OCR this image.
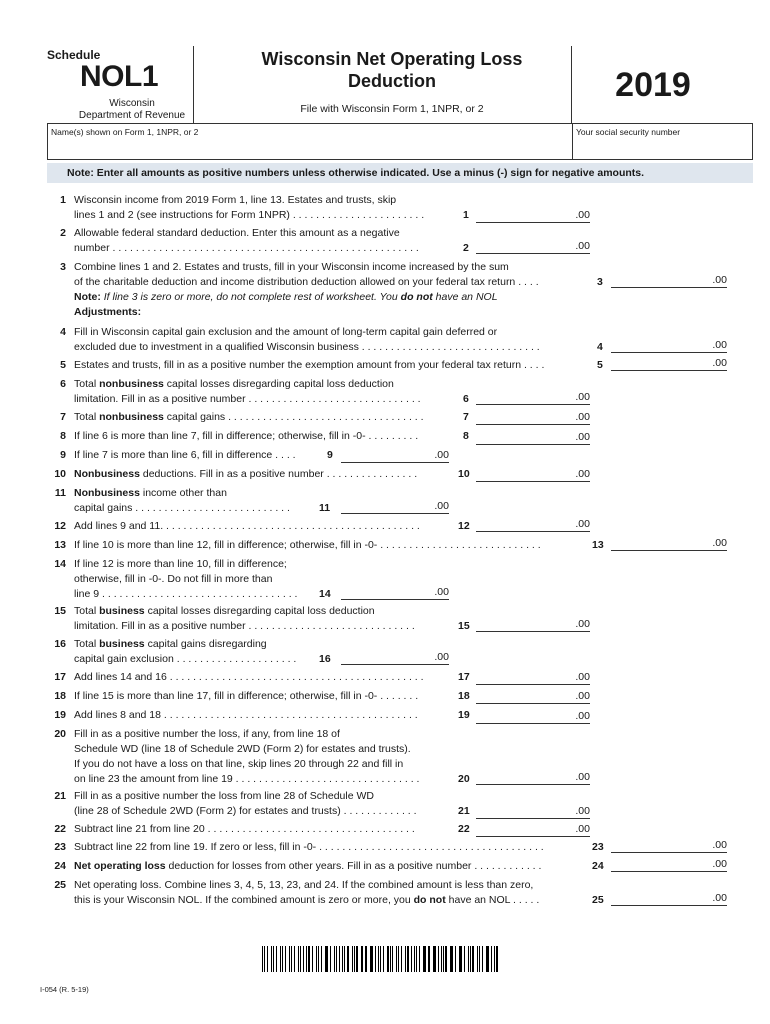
Schedule
NOL1
Wisconsin
Department of Revenue
Wisconsin Net Operating Loss
Deduction
File with Wisconsin Form 1, 1NPR, or 2
2019
Name(s) shown on Form 1, 1NPR, or 2	Your social security number
Note: Enter all amounts as positive numbers unless otherwise indicated. Use a minus (-) sign for negative amounts.
1 Wisconsin income from 2019 Form 1, line 13. Estates and trusts, skip
lines 1 and 2 (see instructions for Form 1NPR) . . . . . . . . . . . . . . . . . . . . . . .	1	.00
2 Allowable federal standard deduction. Enter this amount as a negative
number . . . . . . . . . . . . . . . . . . . . . . . . . . . . . . . . . . . . . . . . . . . . . . . . . . . . .	2	.00
3 Combine lines 1 and 2. Estates and trusts, fill in your Wisconsin income increased by the sum
of the charitable deduction and income distribution deduction allowed on your federal tax return . . . .	3	.00
Note: If line 3 is zero or more, do not complete rest of worksheet. You do not have an NOL
Adjustments:
4 Fill in Wisconsin capital gain exclusion and the amount of long-term capital gain deferred or
excluded due to investment in a qualified Wisconsin business . . . . . . . . . . . . . . . . . . . . . . . . . . . . . . .	4	.00
5 Estates and trusts, fill in as a positive number the exemption amount from your federal tax return . . . .	5	.00
6 Total nonbusiness capital losses disregarding capital loss deduction
limitation. Fill in as a positive number . . . . . . . . . . . . . . . . . . . . . . . . . . . . . .	6	.00
7 Total nonbusiness capital gains . . . . . . . . . . . . . . . . . . . . . . . . . . . . . . . . . .	7	.00
8 If line 6 is more than line 7, fill in difference; otherwise, fill in -0- . . . . . . . . .	8	.00
9 If line 7 is more than line 6, fill in difference . . . .	9	.00
10 Nonbusiness deductions. Fill in as a positive number . . . . . . . . . . . . . . . .	10	.00
11 Nonbusiness income other than
capital gains . . . . . . . . . . . . . . . . . . . . . . . . . . .	11	.00
12 Add lines 9 and 11. . . . . . . . . . . . . . . . . . . . . . . . . . . . . . . . . . . . . . . . . . . . .	12	.00
13 If line 10 is more than line 12, fill in difference; otherwise, fill in -0- . . . . . . . . . . . . . . . . . . . . . . . . . . . .	13	.00
14 If line 12 is more than line 10, fill in difference;
otherwise, fill in -0-. Do not fill in more than
line 9 . . . . . . . . . . . . . . . . . . . . . . . . . . . . . . . . . . 14	.00
15 Total business capital losses disregarding capital loss deduction
limitation. Fill in as a positive number . . . . . . . . . . . . . . . . . . . . . . . . . . . . .	15	.00
16 Total business capital gains disregarding
capital gain exclusion . . . . . . . . . . . . . . . . . . . . . 16	.00
17 Add lines 14 and 16 . . . . . . . . . . . . . . . . . . . . . . . . . . . . . . . . . . . . . . . . . . . .	17	.00
18 If line 15 is more than line 17, fill in difference; otherwise, fill in -0- . . . . . . .	18	.00
19 Add lines 8 and 18 . . . . . . . . . . . . . . . . . . . . . . . . . . . . . . . . . . . . . . . . . . . .	19	.00
20 Fill in as a positive number the loss, if any, from line 18 of
Schedule WD (line 18 of Schedule 2WD (Form 2) for estates and trusts).
If you do not have a loss on that line, skip lines 20 through 22 and fill in
on line 23 the amount from line 19 . . . . . . . . . . . . . . . . . . . . . . . . . . . . . . . .	20	.00
21 Fill in as a positive number the loss from line 28 of Schedule WD
(line 28 of Schedule 2WD (Form 2) for estates and trusts) . . . . . . . . . . . . .	21	.00
22 Subtract line 21 from line 20 . . . . . . . . . . . . . . . . . . . . . . . . . . . . . . . . . . . .	22	.00
23 Subtract line 22 from line 19. If zero or less, fill in -0- . . . . . . . . . . . . . . . . . . . . . . . . . . . . . . . . . . . . . . .	23	.00
24 Net operating loss deduction for losses from other years. Fill in as a positive number . . . . . . . . . . . .	24	.00
25 Net operating loss. Combine lines 3, 4, 5, 13, 23, and 24. If the combined amount is less than zero,
this is your Wisconsin NOL. If the combined amount is zero or more, you do not have an NOL . . . . .	25	.00
I-054 (R. 5-19)
